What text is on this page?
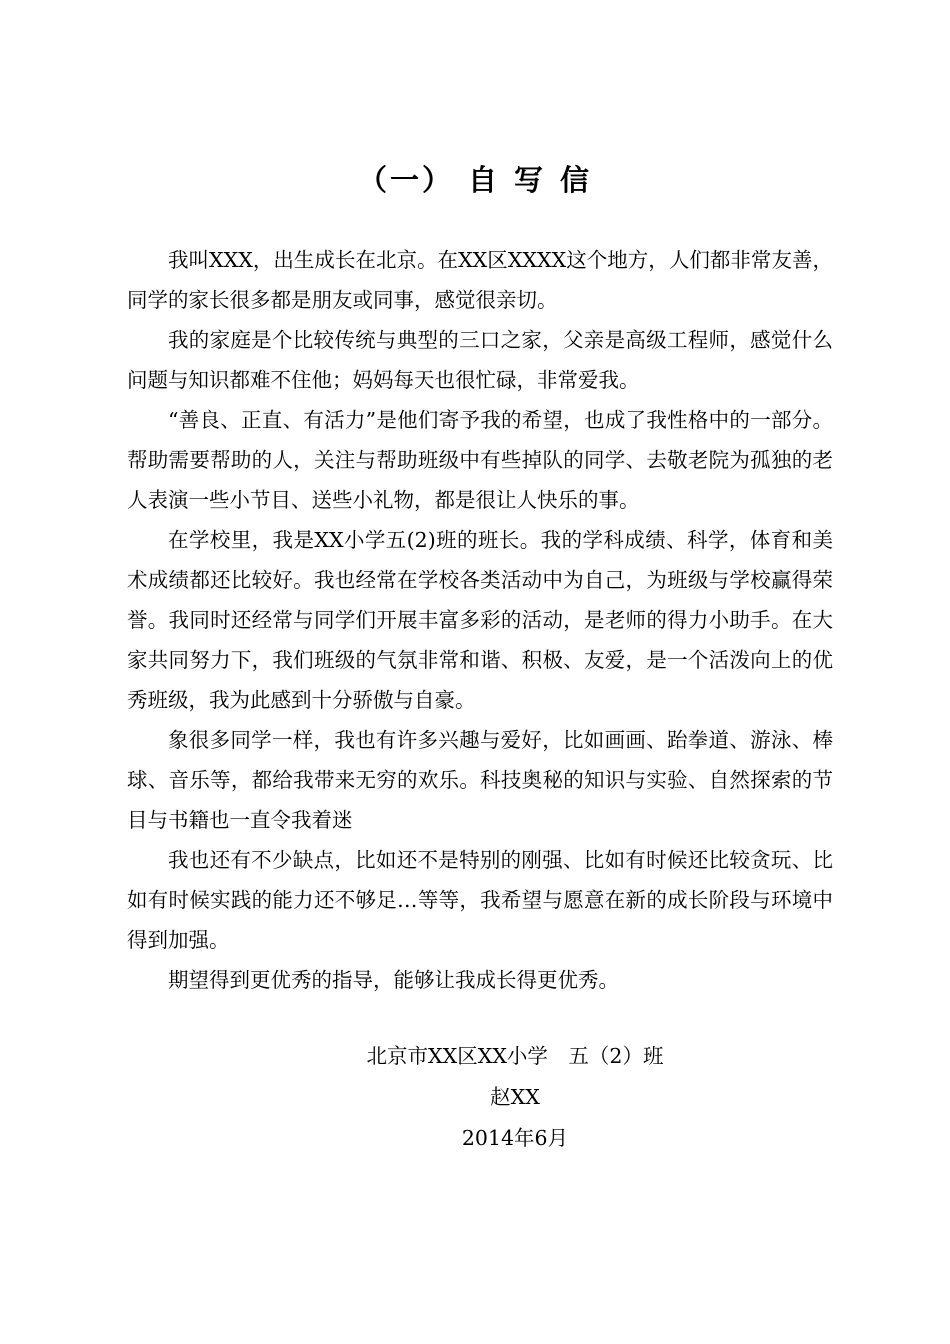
（一） 自 写 信

我叫XXX，出生成长在北京。在XX区XXXX这个地方，人们都非常友善，同学的家长很多都是朋友或同事，感觉很亲切。

我的家庭是个比较传统与典型的三口之家，父亲是高级工程师，感觉什么问题与知识都难不住他；妈妈每天也很忙碌，非常爱我。

“善良、正直、有活力”是他们寄予我的希望，也成了我性格中的一部分。帮助需要帮助的人，关注与帮助班级中有些掉队的同学、去敬老院为孤独的老人表演一些小节目、送些小礼物，都是很让人快乐的事。

在学校里，我是XX小学五(2)班的班长。我的学科成绩、科学，体育和美术成绩都还比较好。我也经常在学校各类活动中为自己，为班级与学校赢得荣誉。我同时还经常与同学们开展丰富多彩的活动，是老师的得力小助手。在大家共同努力下，我们班级的气氛非常和谐、积极、友爱，是一个活泼向上的优秀班级，我为此感到十分骄傲与自豪。

象很多同学一样，我也有许多兴趣与爱好，比如画画、跆拳道、游泳、棒球、音乐等，都给我带来无穷的欢乐。科技奥秘的知识与实验、自然探索的节目与书籍也一直令我着迷

我也还有不少缺点，比如还不是特别的刚强、比如有时候还比较贪玩、比如有时候实践的能力还不够足…等等，我希望与愿意在新的成长阶段与环境中得到加强。

期望得到更优秀的指导，能够让我成长得更优秀。

北京市XX区XX小学　五（2）班
赵XX
2014年6月
